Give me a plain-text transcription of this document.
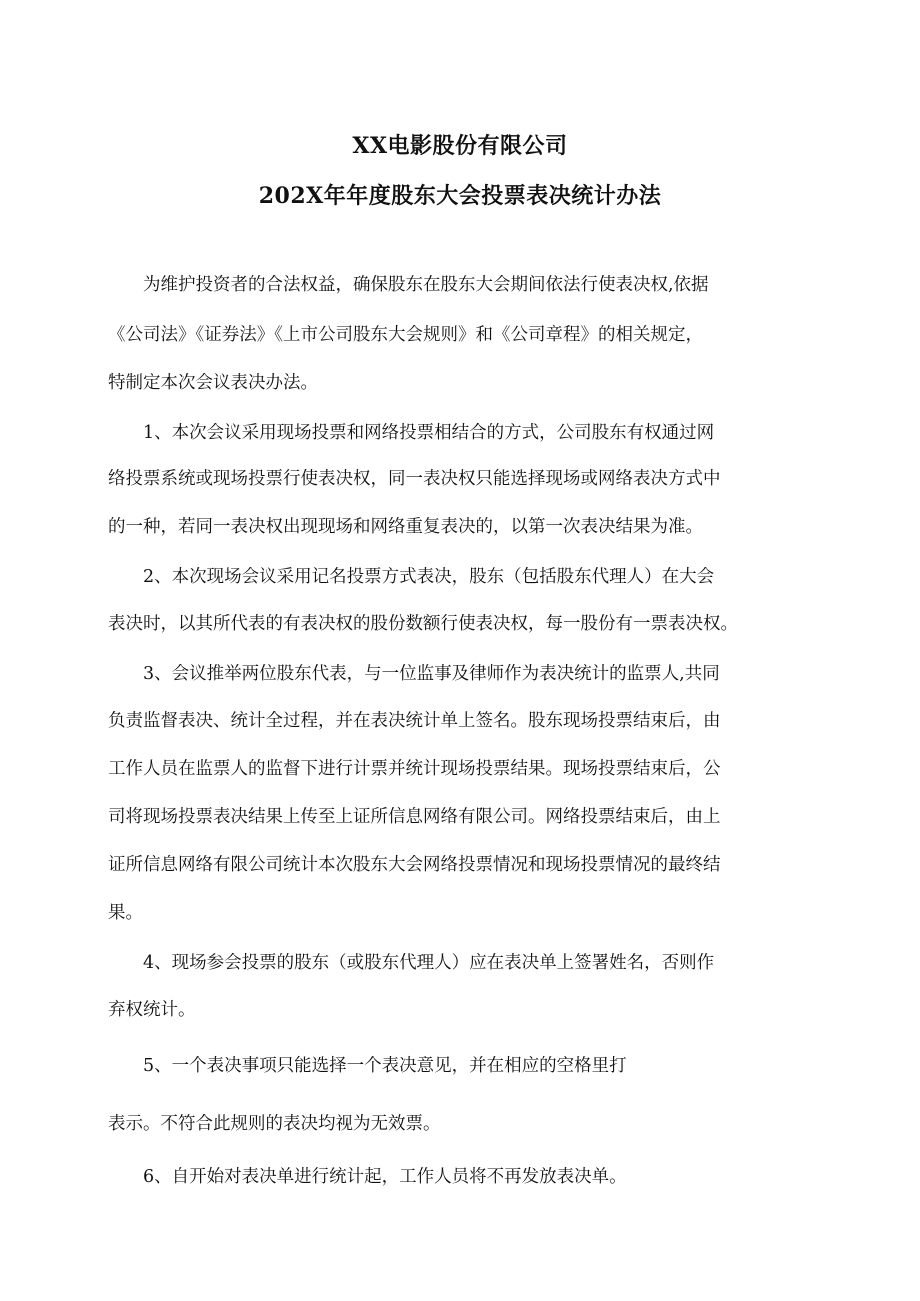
XX电影股份有限公司
202X年年度股东大会投票表决统计办法
　　为维护投资者的合法权益，确保股东在股东大会期间依法行使表决权,依据
《公司法》《证券法》《上市公司股东大会规则》和《公司章程》的相关规定，
特制定本次会议表决办法。
　　1、本次会议采用现场投票和网络投票相结合的方式，公司股东有权通过网
络投票系统或现场投票行使表决权，同一表决权只能选择现场或网络表决方式中
的一种，若同一表决权出现现场和网络重复表决的，以第一次表决结果为准。
　　2、本次现场会议采用记名投票方式表决，股东（包括股东代理人）在大会
表决时，以其所代表的有表决权的股份数额行使表决权，每一股份有一票表决权。
　　3、会议推举两位股东代表，与一位监事及律师作为表决统计的监票人,共同
负责监督表决、统计全过程，并在表决统计单上签名。股东现场投票结束后，由
工作人员在监票人的监督下进行计票并统计现场投票结果。现场投票结束后，公
司将现场投票表决结果上传至上证所信息网络有限公司。网络投票结束后，由上
证所信息网络有限公司统计本次股东大会网络投票情况和现场投票情况的最终结
果。
　　4、现场参会投票的股东（或股东代理人）应在表决单上签署姓名，否则作
弃权统计。
　　5、一个表决事项只能选择一个表决意见，并在相应的空格里打
表示。不符合此规则的表决均视为无效票。
　　6、自开始对表决单进行统计起，工作人员将不再发放表决单。
